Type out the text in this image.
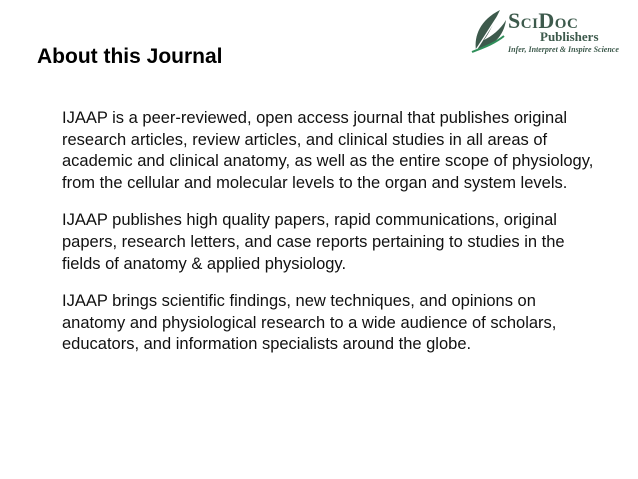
SciDoc
Publishers
Infer, Interpret & Inspire Science
About this Journal

IJAAP is a peer-reviewed, open access journal that publishes original research articles, review articles, and clinical studies in all areas of academic and clinical anatomy, as well as the entire scope of physiology, from the cellular and molecular levels to the organ and system levels.

IJAAP publishes high quality papers, rapid communications, original papers, research letters, and case reports pertaining to studies in the fields of anatomy & applied physiology.

IJAAP brings scientific findings, new techniques, and opinions on anatomy and physiological research to a wide audience of scholars, educators, and information specialists around the globe.
